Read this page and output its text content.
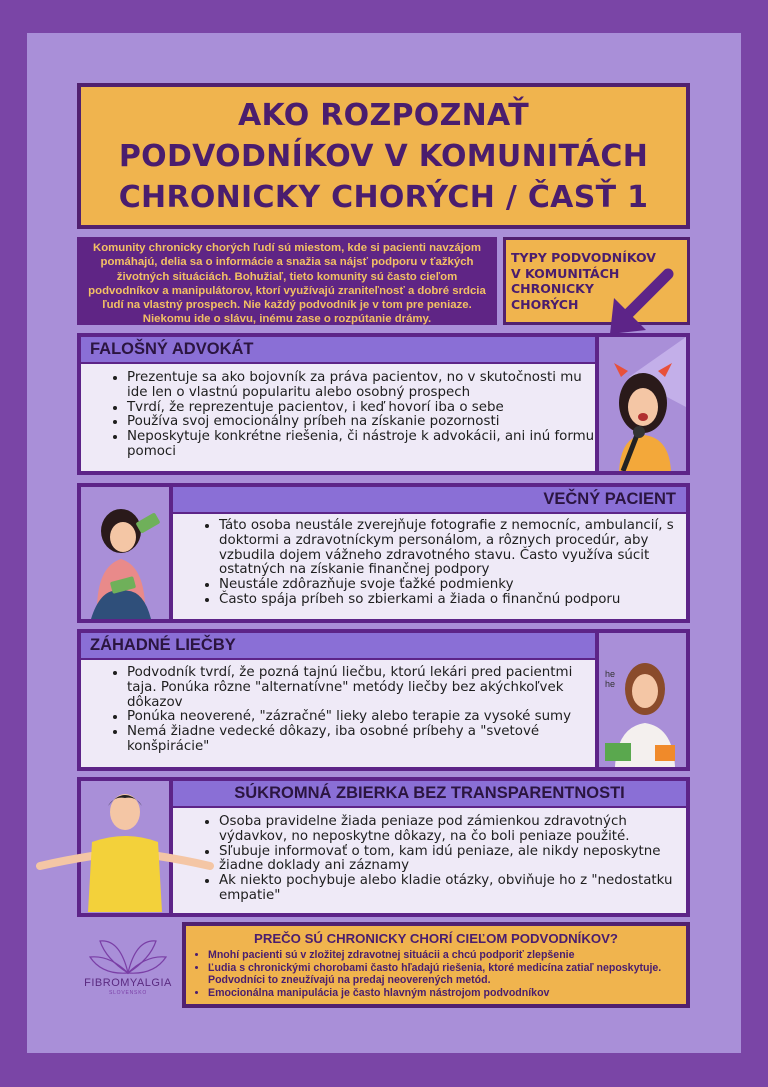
AKO ROZPOZNAŤ
PODVODNÍKOV V KOMUNITÁCH
CHRONICKY CHORÝCH / ČASŤ 1
Komunity chronicky chorých ľudí sú miestom, kde si pacienti navzájom pomáhajú, delia sa o informácie a snažia sa nájsť podporu v ťažkých životných situáciách. Bohužiaľ, tieto komunity sú často cieľom podvodníkov a manipulátorov, ktorí využívajú zraniteľnosť a dobré srdcia ľudí na vlastný prospech. Nie každý podvodník je v tom pre peniaze. Niekomu ide o slávu, inému zase o rozpútanie drámy.
TYPY PODVODNÍKOV
V KOMUNITÁCH
CHRONICKY
CHORÝCH
FALOŠNÝ ADVOKÁT
• Prezentuje sa ako bojovník za práva pacientov, no v skutočnosti mu ide len o vlastnú popularitu alebo osobný prospech
• Tvrdí, že reprezentuje pacientov, i keď hovorí iba o sebe
• Používa svoj emocionálny príbeh na získanie pozornosti
• Neposkytuje konkrétne riešenia, či nástroje k advokácii, ani inú formu pomoci
VEČNÝ PACIENT
• Táto osoba neustále zverejňuje fotografie z nemocníc, ambulancií, s doktormi a zdravotníckym personálom, a rôznych procedúr, aby vzbudila dojem vážneho zdravotného stavu. Často využíva súcit ostatných na získanie finančnej podpory
• Neustále zdôrazňuje svoje ťažké podmienky
• Často spája príbeh so zbierkami a žiada o finančnú podporu
ZÁHADNÉ LIEČBY
• Podvodník tvrdí, že pozná tajnú liečbu, ktorú lekári pred pacientmi taja. Ponúka rôzne "alternatívne" metódy liečby bez akýchkoľvek dôkazov
• Ponúka neoverené, "zázračné" lieky alebo terapie za vysoké sumy
• Nemá žiadne vedecké dôkazy, iba osobné príbehy a "svetové konšpirácie"
he he
SÚKROMNÁ ZBIERKA BEZ TRANSPARENTNOSTI
• Osoba pravidelne žiada peniaze pod zámienkou zdravotných výdavkov, no neposkytne dôkazy, na čo boli peniaze použité.
• Sľubuje informovať o tom, kam idú peniaze, ale nikdy neposkytne žiadne doklady ani záznamy
• Ak niekto pochybuje alebo kladie otázky, obviňuje ho z "nedostatku empatie"
FIBROMYALGIA
SLOVENSKO
PREČO SÚ CHRONICKY CHORÍ CIEĽOM PODVODNÍKOV?
• Mnohí pacienti sú v zložitej zdravotnej situácii a chcú podporiť zlepšenie
• Ľudia s chronickými chorobami často hľadajú riešenia, ktoré medicína zatiaľ neposkytuje. Podvodníci to zneužívajú na predaj neoverených metód.
• Emocionálna manipulácia je často hlavným nástrojom podvodníkov
